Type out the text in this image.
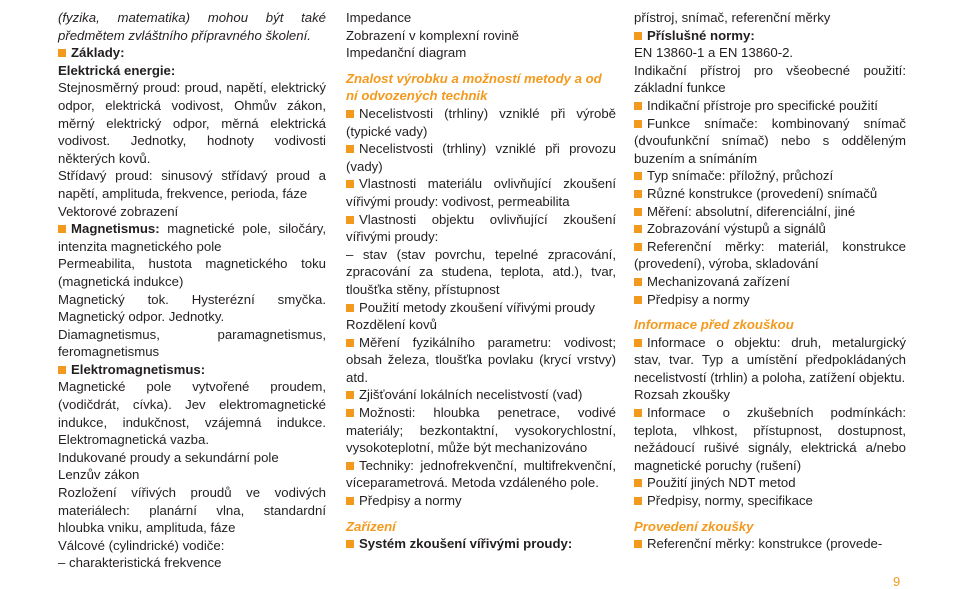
(fyzika, matematika) mohou být také předmětem zvláštního přípravného školení.

Základy:

Elektrická energie:

Stejnosměrný proud: proud, napětí, elektrický odpor, elektrická vodivost, Ohmův zákon, měrný elektrický odpor, měrná elektrická vodivost. Jednotky, hodnoty vodivosti některých kovů.

Střídavý proud: sinusový střídavý proud a napětí, amplituda, frekvence, perioda, fáze

Vektorové zobrazení

Magnetismus: magnetické pole, siločáry, intenzita magnetického pole

Permeabilita, hustota magnetického toku (magnetická indukce)

Magnetický tok. Hysterézní smyčka. Magnetický odpor. Jednotky.

Diamagnetismus, paramagnetismus, feromagnetismus

Elektromagnetismus:

Magnetické pole vytvořené proudem, (vodičdrát, cívka). Jev elektromagnetické indukce, indukčnost, vzájemná indukce. Elektromagnetická vazba.

Indukované proudy a sekundární pole

Lenzův zákon

Rozložení vířivých proudů ve vodivých materiálech: planární vlna, standardní hloubka vniku, amplituda, fáze

Válcové (cylindrické) vodiče:

– charakteristická frekvence

Impedance

Zobrazení v komplexní rovině

Impedanční diagram

Znalost výrobku a možností metody a od ní odvozených technik

Necelistvosti (trhliny) vzniklé při výrobě (typické vady)

Necelistvosti (trhliny) vzniklé při provozu (vady)

Vlastnosti materiálu ovlivňující zkoušení vířivými proudy: vodivost, permeabilita

Vlastnosti objektu ovlivňující zkoušení vířivými proudy:

– stav (stav povrchu, tepelné zpracování, zpracování za studena, teplota, atd.), tvar, tloušťka stěny, přístupnost

Použití metody zkoušení vířivými proudy

Rozdělení kovů

Měření fyzikálního parametru: vodivost; obsah železa, tloušťka povlaku (krycí vrstvy) atd.

Zjišťování lokálních necelistvostí (vad)

Možnosti: hloubka penetrace, vodivé materiály; bezkontaktní, vysokorychlostní, vysokoteplotní, může být mechanizováno

Techniky: jednofrekvenční, multifrekvenční, víceparametrová. Metoda vzdáleného pole.

Předpisy a normy

Zařízení

Systém zkoušení vířivými proudy:

přístroj, snímač, referenční měrky

Příslušné normy:

EN 13860-1 a EN 13860-2.

Indikační přístroj pro všeobecné použití: základní funkce

Indikační přístroje pro specifické použití

Funkce snímače: kombinovaný snímač (dvoufunkční snímač) nebo s odděleným buzením a snímáním

Typ snímače: příložný, průchozí

Různé konstrukce (provedení) snímačů

Měření: absolutní, diferenciální, jiné

Zobrazování výstupů a signálů

Referenční měrky: materiál, konstrukce (provedení), výroba, skladování

Mechanizovaná zařízení

Předpisy a normy

Informace před zkouškou

Informace o objektu: druh, metalurgický stav, tvar. Typ a umístění předpokládaných necelistvostí (trhlin) a poloha, zatížení objektu.

Rozsah zkoušky

Informace o zkušebních podmínkách: teplota, vlhkost, přístupnost, dostupnost, nežádoucí rušivé signály, elektrická a/nebo magnetické poruchy (rušení)

Použití jiných NDT metod

Předpisy, normy, specifikace

Provedení zkoušky

Referenční měrky: konstrukce (provede-

9
